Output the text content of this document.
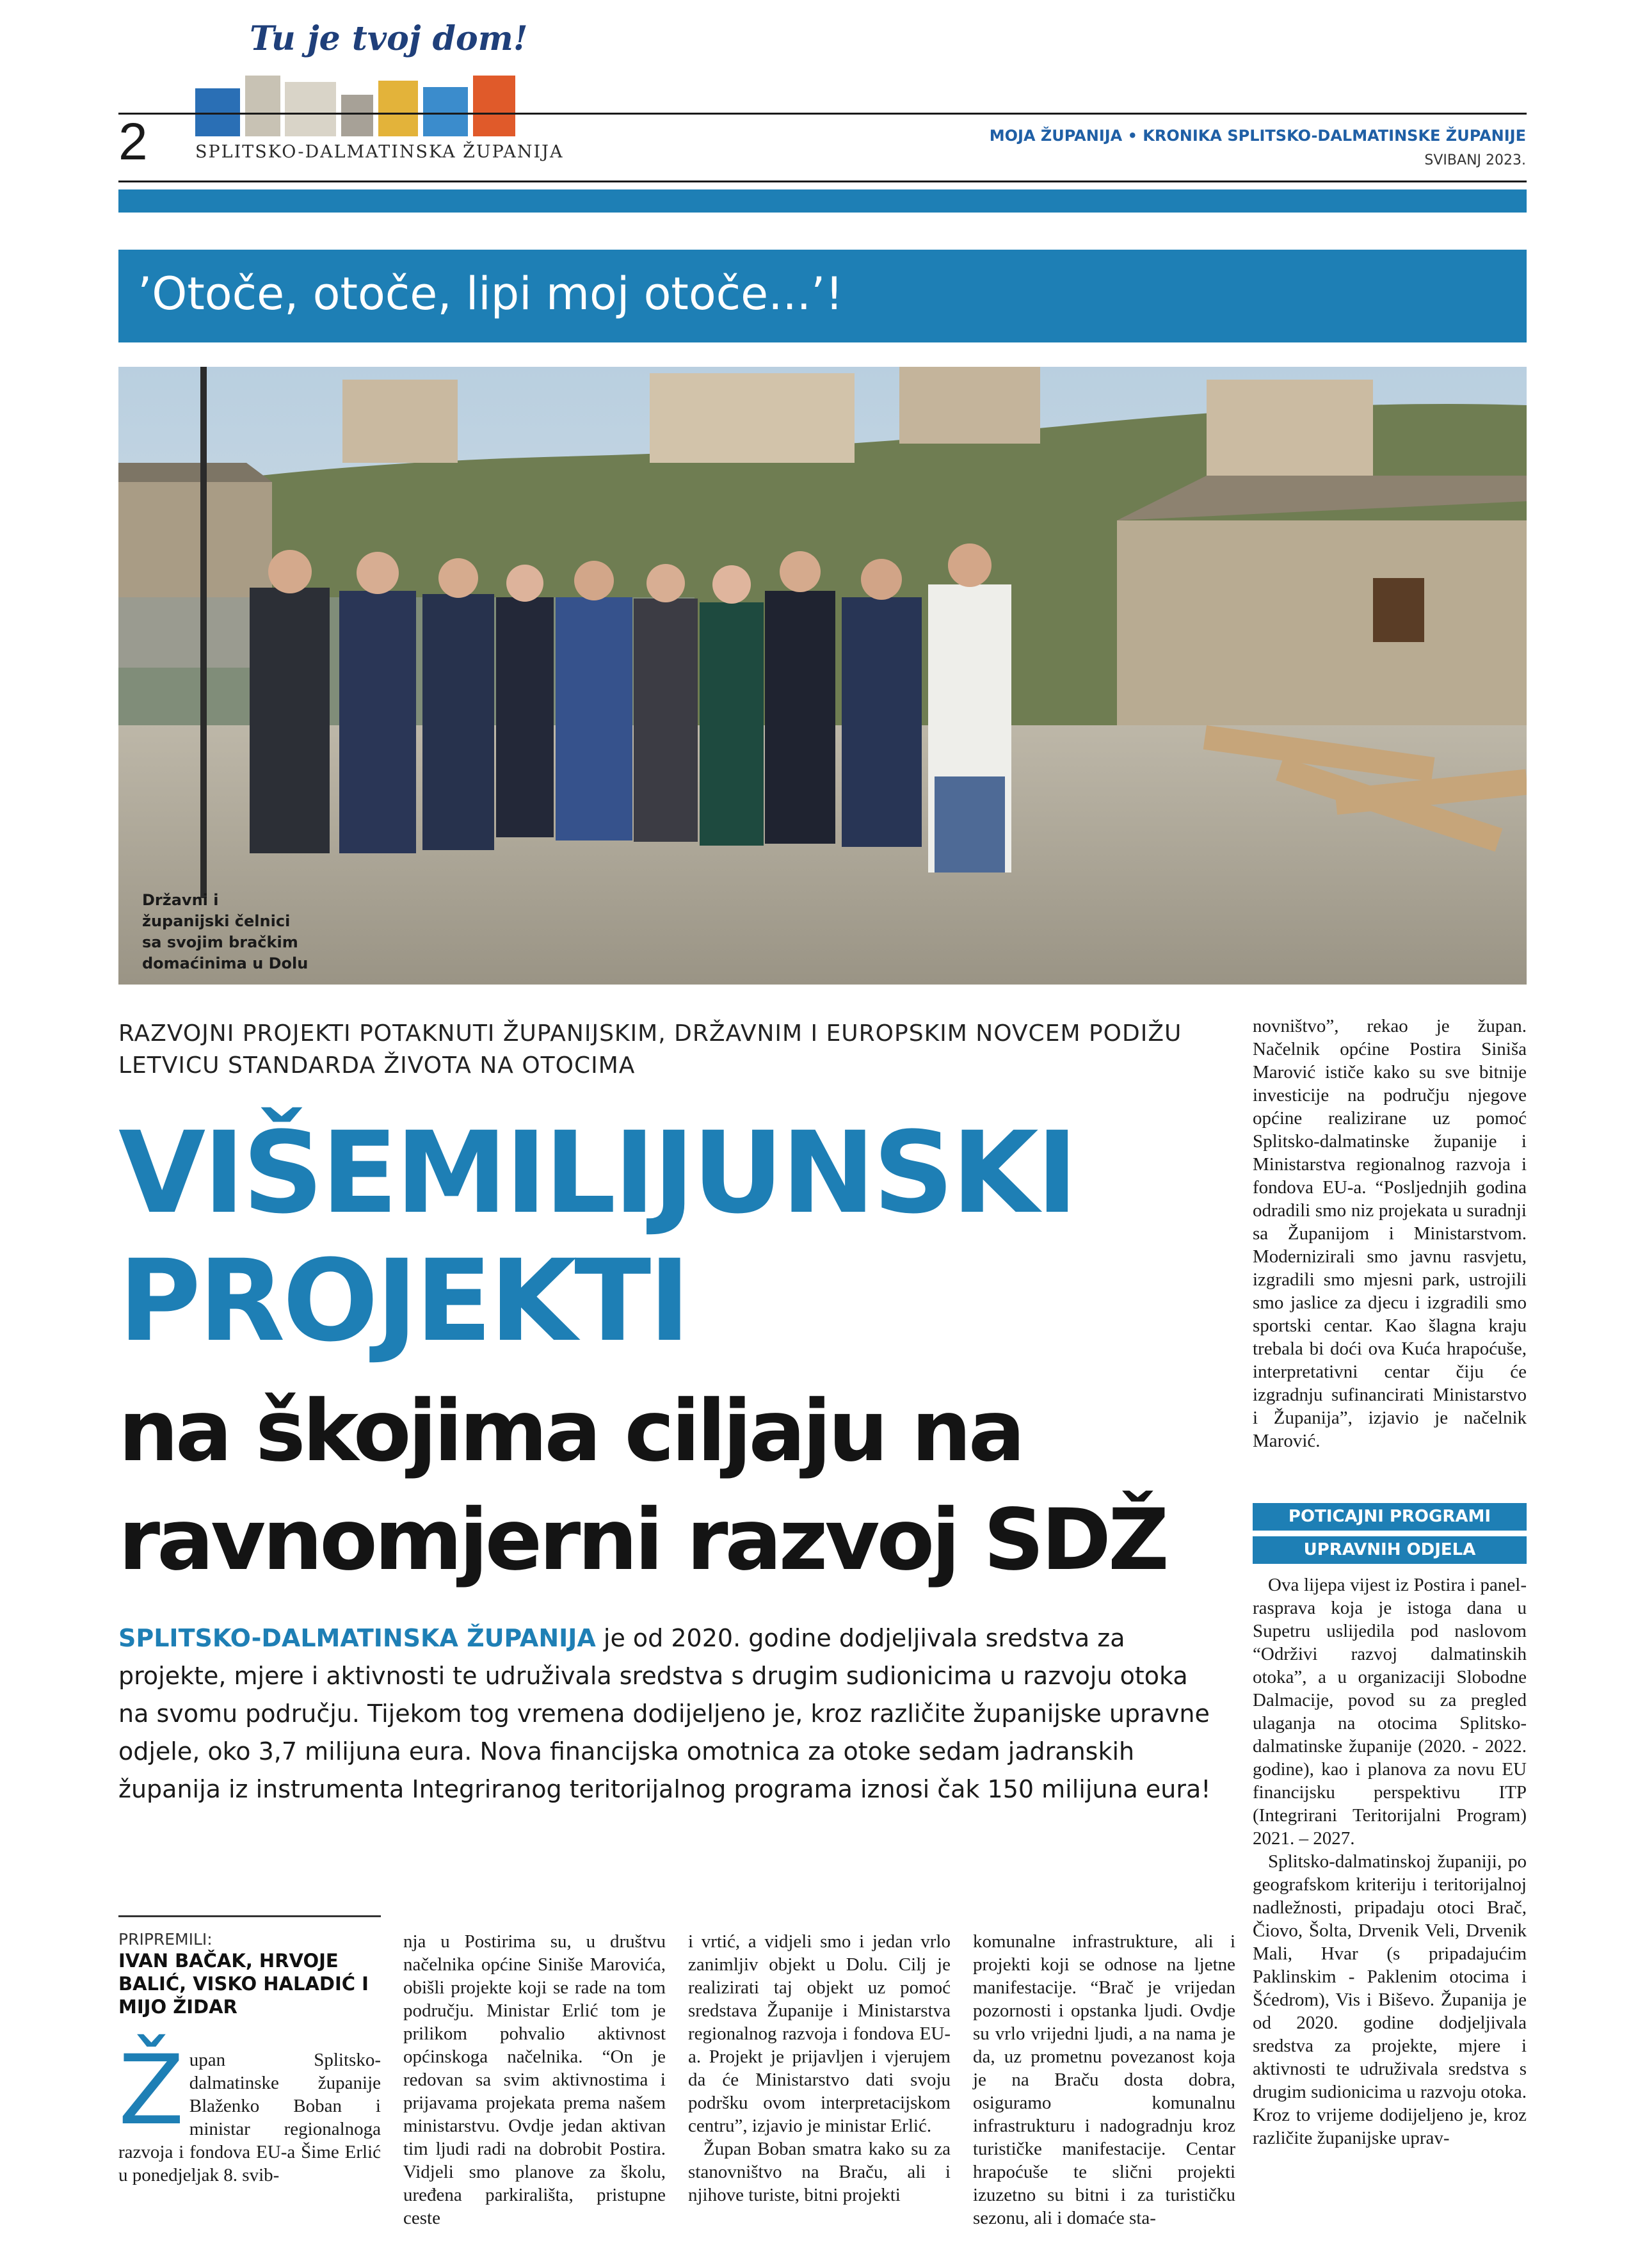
Tu je tvoj dom!
SPLITSKO-DALMATINSKA ŽUPANIJA
2	MOJA ŽUPANIJA • KRONIKA SPLITSKO-DALMATINSKE ŽUPANIJE
SVIBANJ 2023.
’Otoče, otoče, lipi moj otoče...’!
Državni i
županijski čelnici
sa svojim bračkim
domaćinima u Dolu
RAZVOJNI PROJEKTI POTAKNUTI ŽUPANIJSKIM, DRŽAVNIM I EUROPSKIM NOVCEM PODIŽU LETVICU STANDARDA ŽIVOTA NA OTOCIMA
VIŠEMILIJUNSKI
PROJEKTI
na škojima ciljaju na
ravnomjerni razvoj SDŽ
SPLITSKO-DALMATINSKA ŽUPANIJA je od 2020. godine dodjeljivala sredstva za projekte, mjere i aktivnosti te udruživala sredstva s drugim sudionicima u razvoju otoka na svomu području. Tijekom tog vremena dodijeljeno je, kroz različite županijske upravne odjele, oko 3,7 milijuna eura. Nova financijska omotnica za otoke sedam jadranskih županija iz instrumenta Integriranog teritorijalnog programa iznosi čak 150 milijuna eura!
PRIPREMILI:
IVAN BAČAK, HRVOJE BALIĆ, VISKO HALADIĆ I MIJO ŽIDAR
Župan Splitsko-dalmatinske županije Blaženko Boban i ministar regionalnoga razvoja i fondova EU-a Šime Erlić u ponedjeljak 8. svib-
nja u Postirima su, u društvu načelnika općine Siniše Marovića, obišli projekte koji se rade na tom području. Ministar Erlić tom je prilikom pohvalio aktivnost općinskoga načelnika. “On je redovan sa svim aktivnostima i prijavama projekata prema našem ministarstvu. Ovdje jedan aktivan tim ljudi radi na dobrobit Postira. Vidjeli smo planove za školu, uređena parkirališta, pristupne ceste
i vrtić, a vidjeli smo i jedan vrlo zanimljiv objekt u Dolu. Cilj je realizirati taj objekt uz pomoć sredstava Županije i Ministarstva regionalnog razvoja i fondova EU-a. Projekt je prijavljen i vjerujem da će Ministarstvo dati svoju podršku ovom interpretacijskom centru”, izjavio je ministar Erlić.

Župan Boban smatra kako su za stanovništvo na Braču, ali i njihove turiste, bitni projekti

komunalne infrastrukture, ali i projekti koji se odnose na ljetne manifestacije. “Brač je vrijedan pozornosti i opstanka ljudi. Ovdje su vrlo vrijedni ljudi, a na nama je da, uz prometnu povezanost koja je na Braču dosta dobra, osiguramo komunalnu infrastrukturu i nadogradnju kroz turističke manifestacije. Centar hrapoćuše te slični projekti izuzetno su bitni i za turističku sezonu, ali i domaće sta-
novništvo”, rekao je župan. Načelnik općine Postira Siniša Marović ističe kako su sve bitnije investicije na području njegove općine realizirane uz pomoć Splitsko-dalmatinske županije i Ministarstva regionalnog razvoja i fondova EU-a. “Posljednjih godina odradili smo niz projekata u suradnji sa Županijom i Ministarstvom. Modernizirali smo javnu rasvjetu, izgradili smo mjesni park, ustrojili smo jaslice za djecu i izgradili smo sportski centar. Kao šlagna kraju trebala bi doći ova Kuća hrapoćuše, interpretativni centar čiju će izgradnju sufinancirati Ministarstvo i Županija”, izjavio je načelnik Marović.
POTICAJNI PROGRAMI
UPRAVNIH ODJELA

Ova lijepa vijest iz Postira i panel-rasprava koja je istoga dana u Supetru uslijedila pod naslovom “Održivi razvoj dalmatinskih otoka”, a u organizaciji Slobodne Dalmacije, povod su za pregled ulaganja na otocima Splitsko-dalmatinske županije (2020. - 2022. godine), kao i planova za novu EU financijsku perspektivu ITP (Integrirani Teritorijalni Program) 2021. – 2027.

Splitsko-dalmatinskoj županiji, po geografskom kriteriju i teritorijalnoj nadležnosti, pripadaju otoci Brač, Čiovo, Šolta, Drvenik Veli, Drvenik Mali, Hvar (s pripadajućim Paklinskim - Paklenim otocima i Šćedrom), Vis i Biševo. Županija je od 2020. godine dodjeljivala sredstva za projekte, mjere i aktivnosti te udruživala sredstva s drugim sudionicima u razvoju otoka. Kroz to vrijeme dodijeljeno je, kroz različite županijske uprav-
